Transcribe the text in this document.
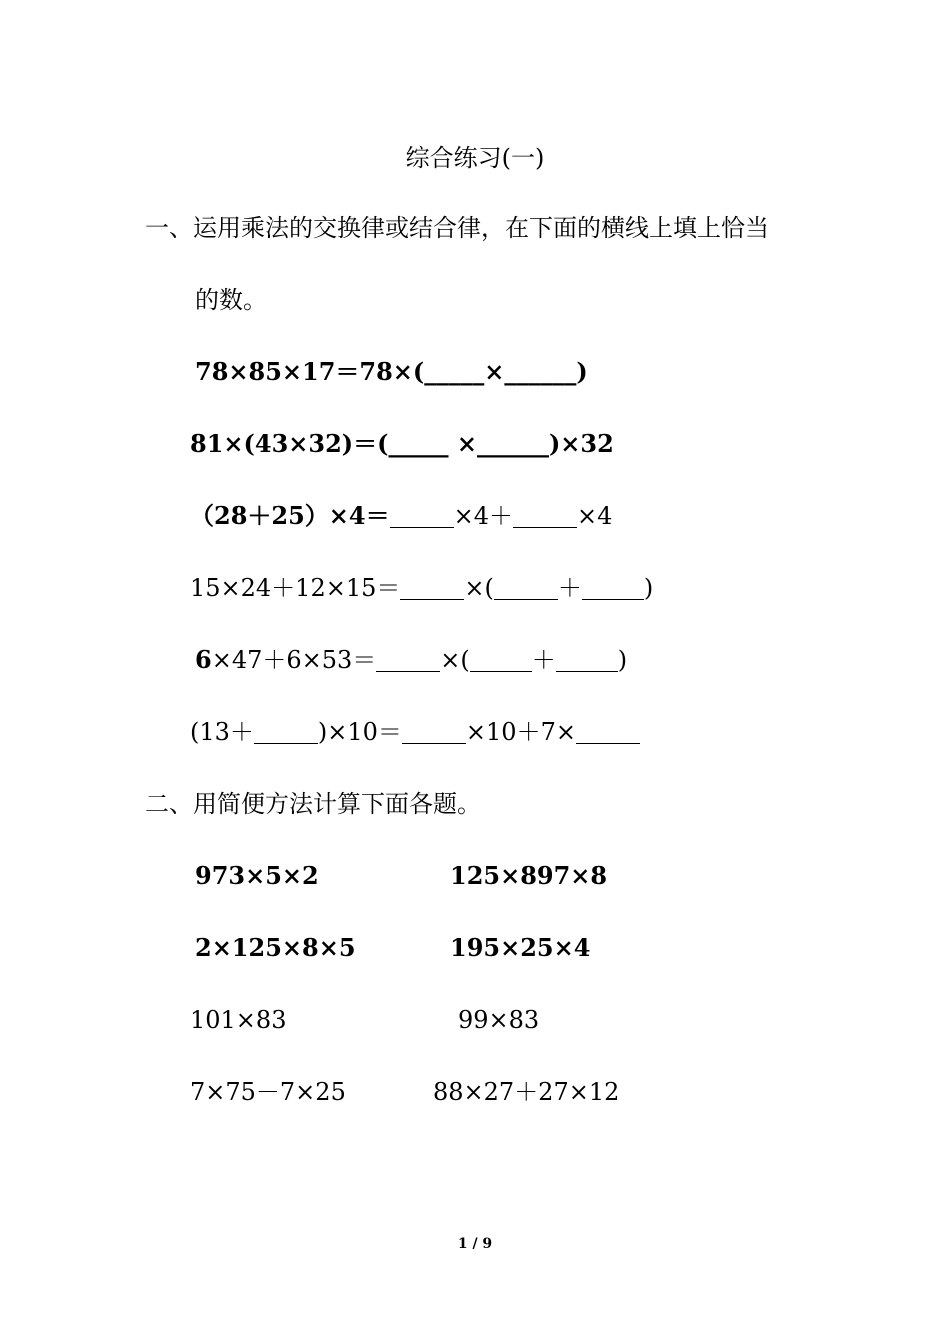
综合练习(一)
一、运用乘法的交换律或结合律，在下面的横线上填上恰当
的数。
78×85×17＝78×(_____×______)
81×(43×32)＝(_____ ×______)×32
（28＋25）×4＝	×4＋	×4
15×24＋12×15＝	×(	＋	)
6×47＋6×53＝	×(	＋	)
(13＋	)×10＝	×10＋7×
二、用简便方法计算下面各题。
973×5×2	125×897×8
2×125×8×5	195×25×4
101×83	99×83
7×75－7×25	88×27＋27×12
1 / 9
